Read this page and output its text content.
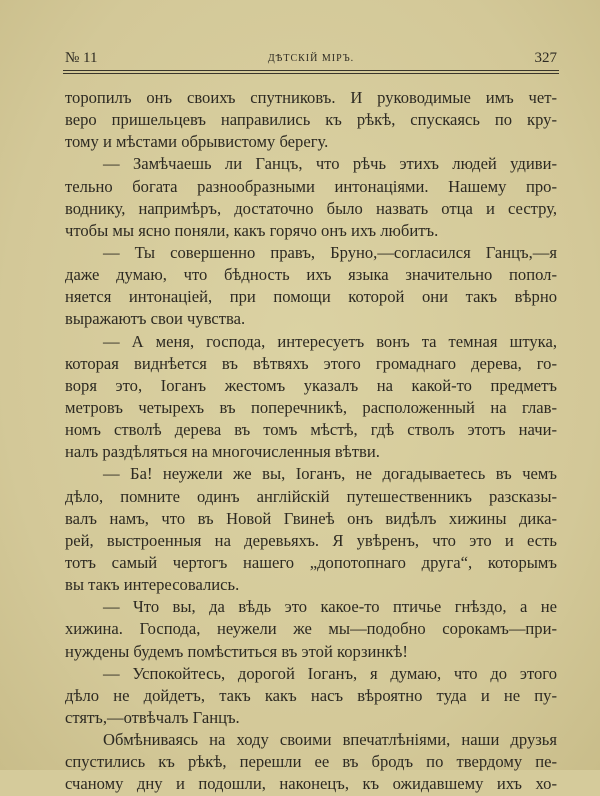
№ 11	ДѢТСКІЙ МІРЪ.	327
торопилъ онъ своихъ спутниковъ. И руководимые имъ чет-
веро пришельцевъ направились къ рѣкѣ, спускаясь по кру-
тому и мѣстами обрывистому берегу.
— Замѣчаешь ли Ганцъ, что рѣчь этихъ людей удиви-
тельно богата разнообразными интонаціями. Нашему про-
воднику, напримѣръ, достаточно было назвать отца и сестру,
чтобы мы ясно поняли, какъ горячо онъ ихъ любитъ.
— Ты совершенно правъ, Бруно,—согласился Ганцъ,—я
даже думаю, что бѣдность ихъ языка значительно попол-
няется интонаціей, при помощи которой они такъ вѣрно
выражаютъ свои чувства.
— А меня, господа, интересуетъ вонъ та темная штука,
которая виднѣется въ вѣтвяхъ этого громаднаго дерева, го-
воря это, Іоганъ жестомъ указалъ на какой-то предметъ
метровъ четырехъ въ поперечникѣ, расположенный на глав-
номъ стволѣ дерева въ томъ мѣстѣ, гдѣ стволъ этотъ начи-
налъ раздѣляться на многочисленныя вѣтви.
— Ба! неужели же вы, Іоганъ, не догадываетесь въ чемъ
дѣло, помните одинъ англійскій путешественникъ разсказы-
валъ намъ, что въ Новой Гвинеѣ онъ видѣлъ хижины дика-
рей, выстроенныя на деревьяхъ. Я увѣренъ, что это и есть
тотъ самый чертогъ нашего „допотопнаго друга“, которымъ
вы такъ интересовались.
— Что вы, да вѣдь это какое-то птичье гнѣздо, а не
хижина. Господа, неужели же мы—подобно сорокамъ—при-
нуждены будемъ помѣститься въ этой корзинкѣ!
— Успокойтесь, дорогой Іоганъ, я думаю, что до этого
дѣло не дойдетъ, такъ какъ насъ вѣроятно туда и не пу-
стятъ,—отвѣчалъ Ганцъ.
Обмѣниваясь на ходу своими впечатлѣніями, наши друзья
спустились къ рѣкѣ, перешли ее въ бродъ по твердому пе-
счаному дну и подошли, наконецъ, къ ожидавшему ихъ хо-
